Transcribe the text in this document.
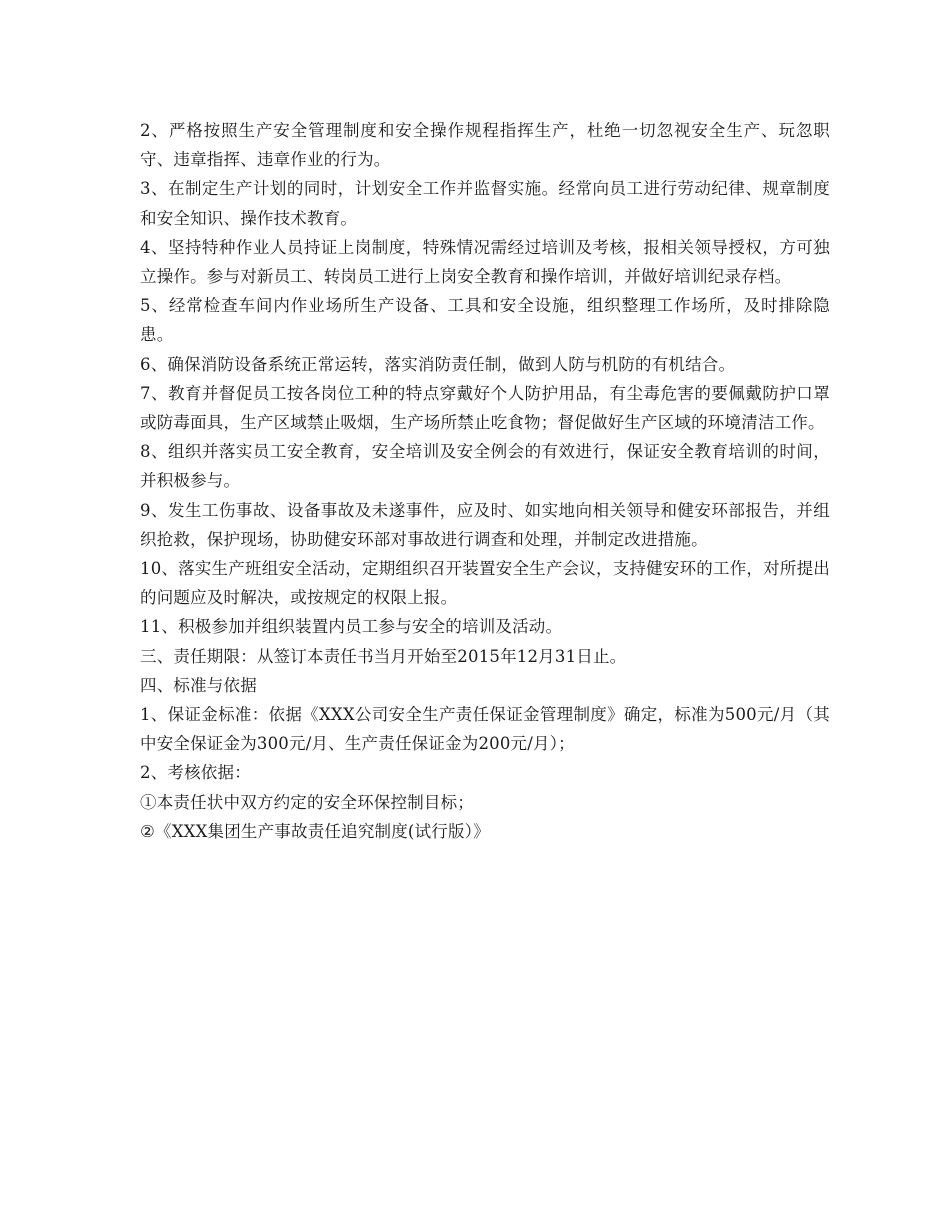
2、严格按照生产安全管理制度和安全操作规程指挥生产，杜绝一切忽视安全生产、玩忽职守、违章指挥、违章作业的行为。

3、在制定生产计划的同时，计划安全工作并监督实施。经常向员工进行劳动纪律、规章制度和安全知识、操作技术教育。

4、坚持特种作业人员持证上岗制度，特殊情况需经过培训及考核，报相关领导授权，方可独立操作。参与对新员工、转岗员工进行上岗安全教育和操作培训，并做好培训纪录存档。

5、经常检查车间内作业场所生产设备、工具和安全设施，组织整理工作场所，及时排除隐患。

6、确保消防设备系统正常运转，落实消防责任制，做到人防与机防的有机结合。

7、教育并督促员工按各岗位工种的特点穿戴好个人防护用品，有尘毒危害的要佩戴防护口罩或防毒面具，生产区域禁止吸烟，生产场所禁止吃食物；督促做好生产区域的环境清洁工作。

8、组织并落实员工安全教育，安全培训及安全例会的有效进行，保证安全教育培训的时间，并积极参与。

9、发生工伤事故、设备事故及未遂事件，应及时、如实地向相关领导和健安环部报告，并组织抢救，保护现场，协助健安环部对事故进行调查和处理，并制定改进措施。

10、落实生产班组安全活动，定期组织召开装置安全生产会议，支持健安环的工作，对所提出的问题应及时解决，或按规定的权限上报。

11、积极参加并组织装置内员工参与安全的培训及活动。

三、责任期限：从签订本责任书当月开始至2015年12月31日止。

四、标准与依据

1、保证金标准：依据《XXX公司安全生产责任保证金管理制度》确定，标准为500元/月（其中安全保证金为300元/月、生产责任保证金为200元/月）；

2、考核依据：

①本责任状中双方约定的安全环保控制目标；

②《XXX集团生产事故责任追究制度(试行版）》
